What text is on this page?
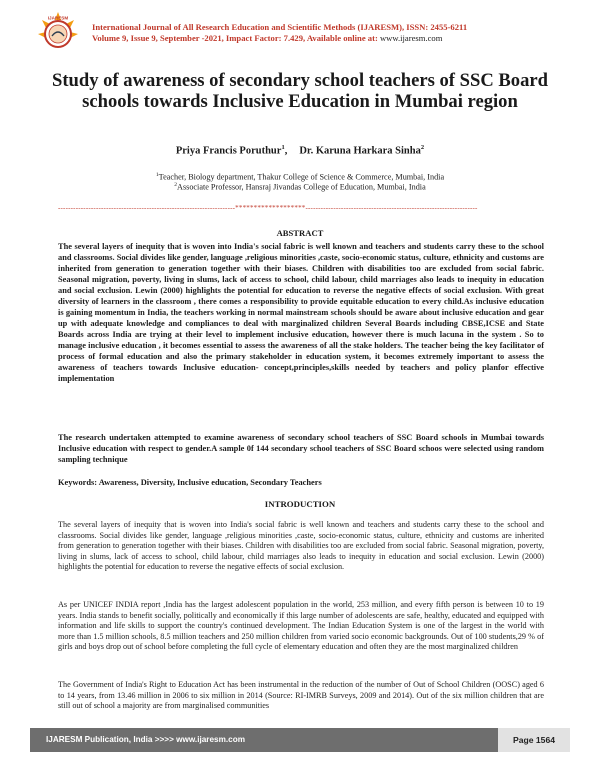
IJARESM
International Journal of All Research Education and Scientific Methods (IJARESM), ISSN: 2455-6211
Volume 9, Issue 9, September -2021, Impact Factor: 7.429, Available online at: www.ijaresm.com
Study of awareness of secondary school teachers of SSC Board schools towards Inclusive Education in Mumbai region
Priya Francis Poruthur$^1$, Dr. Karuna Harkara Sinha$^2$
$^1$Teacher, Biology department, Thakur College of Science & Commerce, Mumbai, India
$^2$Associate Professor, Hansraj Jivandas College of Education, Mumbai, India
----------------------------------------------------------------------*******************--------------------------------------------------------------------
ABSTRACT
The several layers of inequity that is woven into India's social fabric is well known and teachers and students carry these to the school and classrooms. Social divides like gender, language ,religious minorities ,caste, socio-economic status, culture, ethnicity and customs are inherited from generation to generation together with their biases. Children with disabilities too are excluded from social fabric. Seasonal migration, poverty, living in slums, lack of access to school, child labour, child marriages also leads to inequity in education and social exclusion. Lewin (2000) highlights the potential for education to reverse the negative effects of social exclusion. With great diversity of learners in the classroom , there comes a responsibility to provide equitable education to every child.As inclusive education is gaining momentum in India, the teachers working in normal mainstream schools should be aware about inclusive education and gear up with adequate knowledge and compliances to deal with marginalized children Several Boards including CBSE,ICSE and State Boards across India are trying at their level to implement inclusive education, however there is much lacuna in the system . So to manage inclusive education , it becomes essential to assess the awareness of all the stake holders. The teacher being the key facilitator of process of formal education and also the primary stakeholder in education system, it becomes extremely important to assess the awareness of teachers towards Inclusive education- concept,principles,skills needed by teachers and policy planfor effective implementation
The research undertaken attempted to examine awareness of secondary school teachers of SSC Board schools in Mumbai towards Inclusive education with respect to gender.A sample 0f 144 secondary school teachers of SSC Board schoos were selected using random sampling technique
Keywords: Awareness, Diversity, Inclusive education, Secondary Teachers
INTRODUCTION
The several layers of inequity that is woven into India's social fabric is well known and teachers and students carry these to the school and classrooms. Social divides like gender, language ,religious minorities ,caste, socio-economic status, culture, ethnicity and customs are inherited from generation to generation together with their biases. Children with disabilities too are excluded from social fabric. Seasonal migration, poverty, living in slums, lack of access to school, child labour, child marriages also leads to inequity in education and social exclusion. Lewin (2000) highlights the potential for education to reverse the negative effects of social exclusion.
As per UNICEF INDIA report ,India has the largest adolescent population in the world, 253 million, and every fifth person is between 10 to 19 years. India stands to benefit socially, politically and economically if this large number of adolescents are safe, healthy, educated and equipped with information and life skills to support the country's continued development. The Indian Education System is one of the largest in the world with more than 1.5 million schools, 8.5 million teachers and 250 million children from varied socio economic backgrounds. Out of 100 students,29 % of girls and boys drop out of school before completing the full cycle of elementary education and often they are the most marginalized children
The Government of India's Right to Education Act has been instrumental in the reduction of the number of Out of School Children (OOSC) aged 6 to 14 years, from 13.46 million in 2006 to six million in 2014 (Source: RI-IMRB Surveys, 2009 and 2014). Out of the six million children that are still out of school a majority are from marginalised communities
IJARESM Publication, India >>>> www.ijaresm.com	Page 1564
